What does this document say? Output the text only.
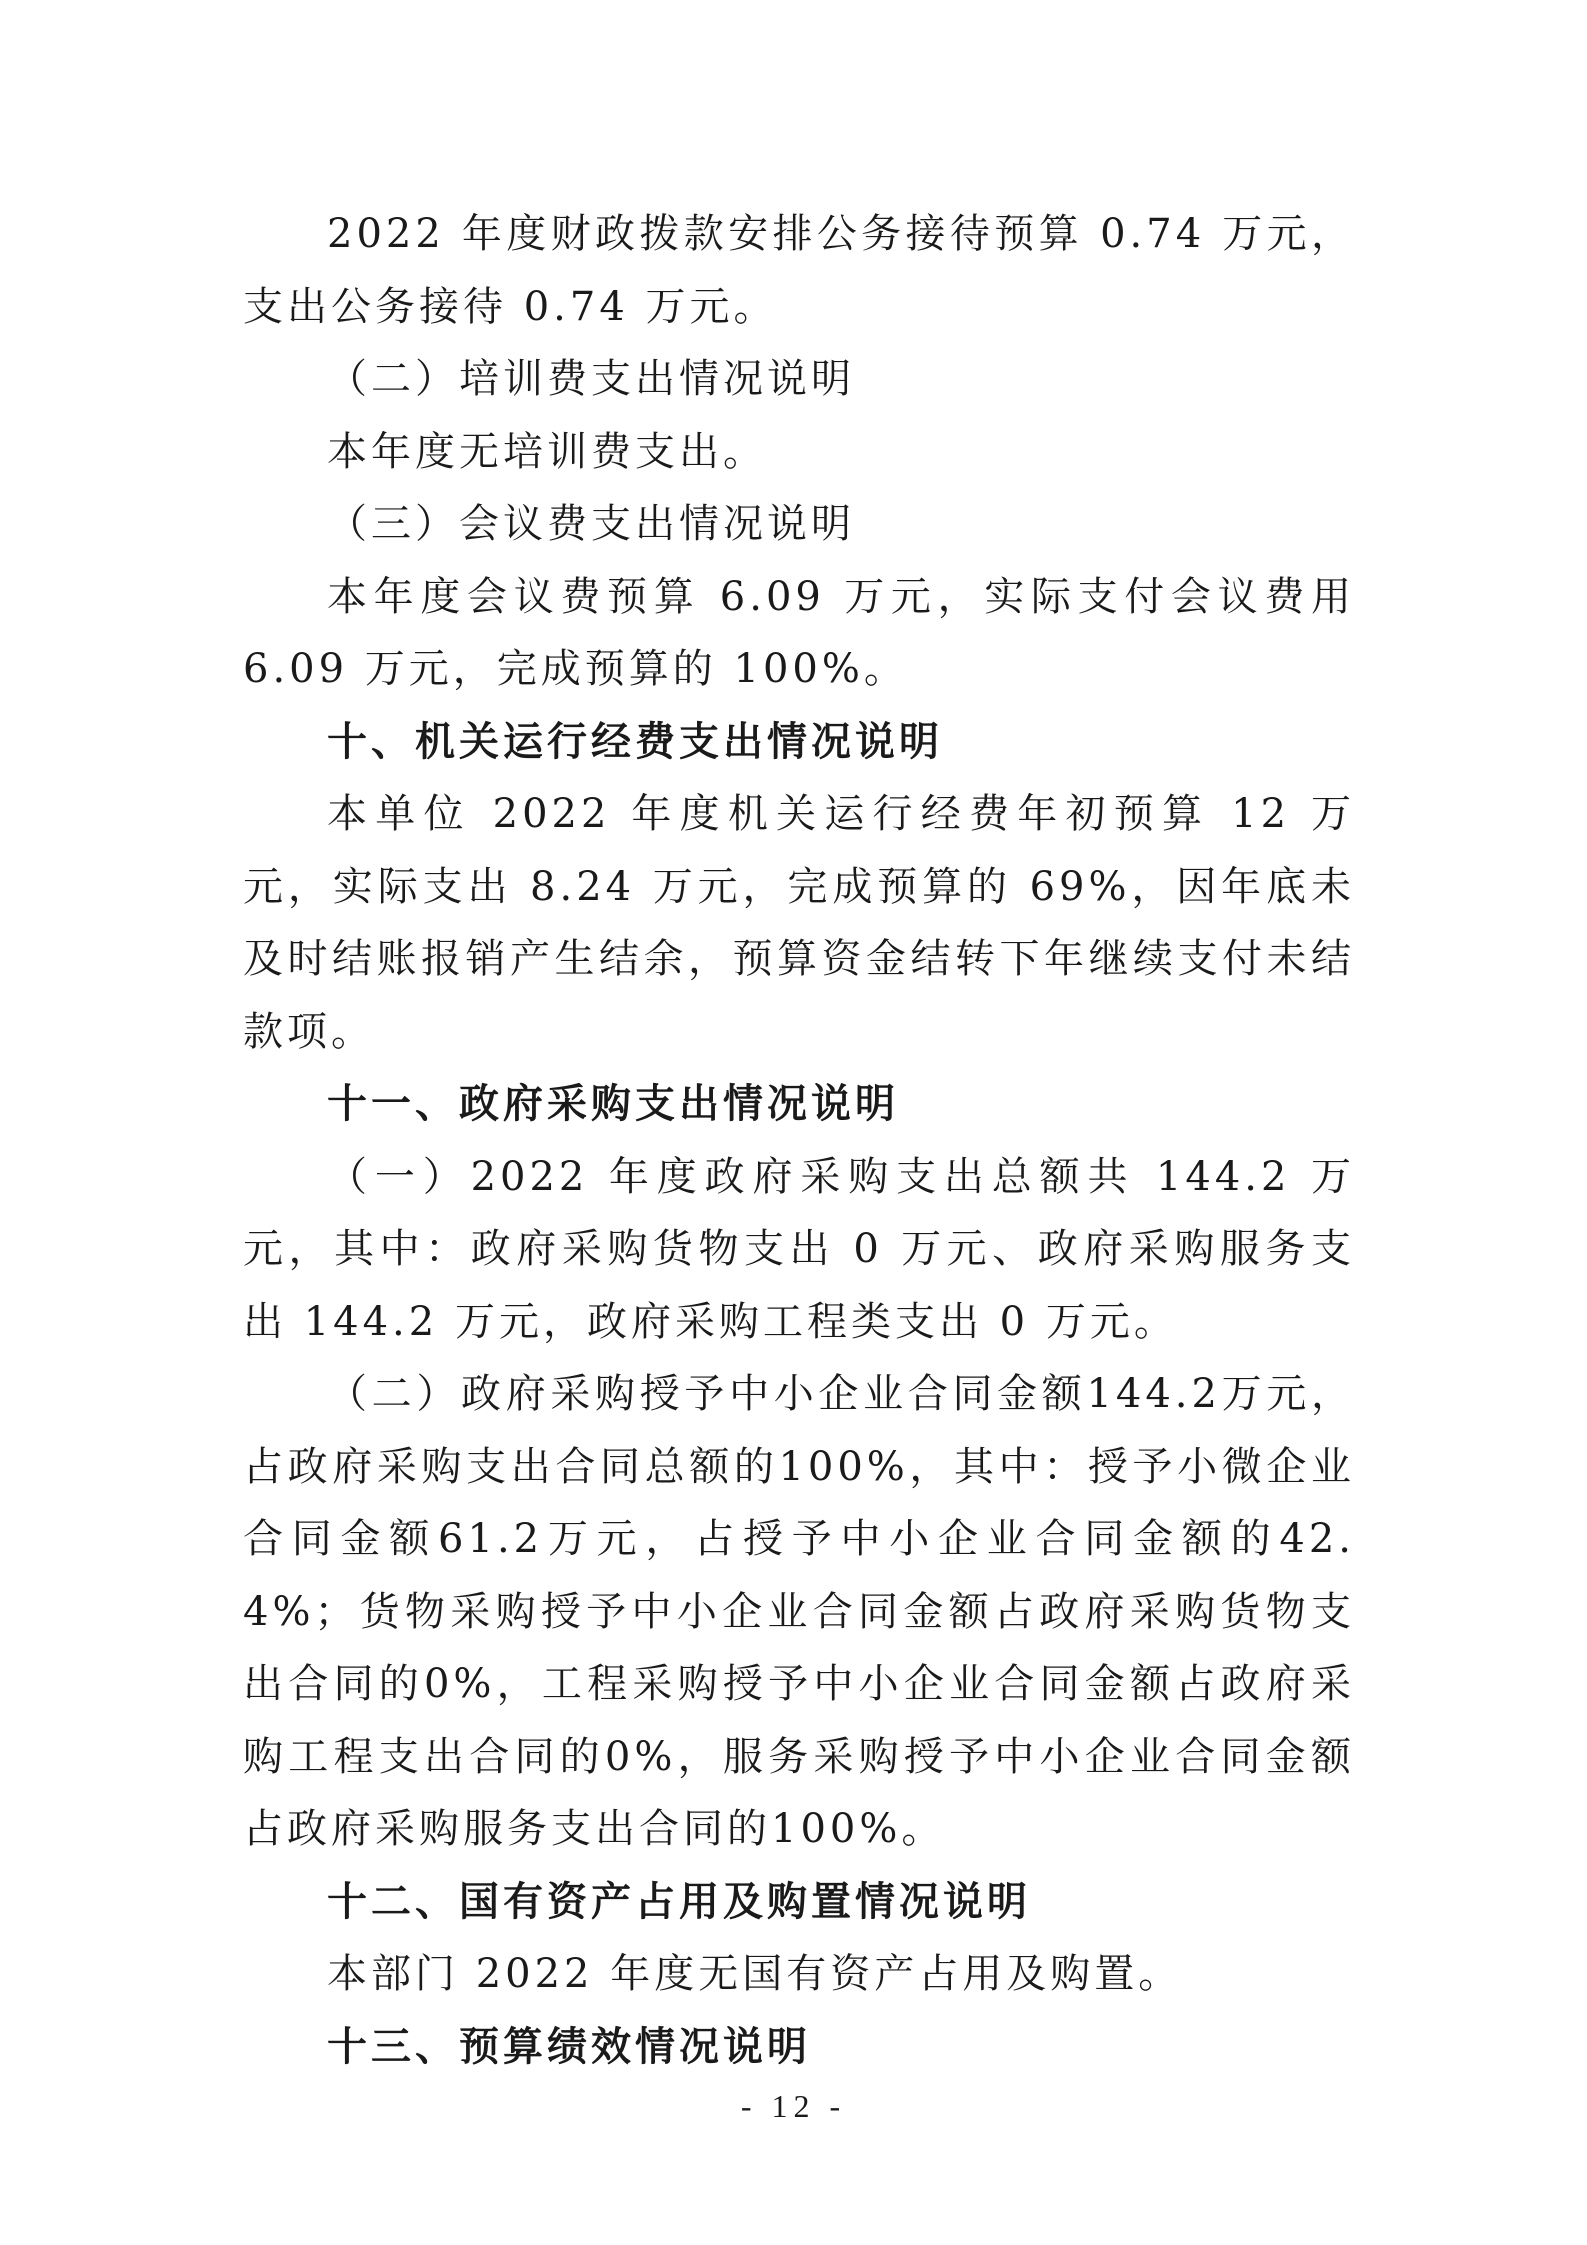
2022 年度财政拨款安排公务接待预算 0.74 万元，支出公务接待 0.74 万元。

（二）培训费支出情况说明

本年度无培训费支出。

（三）会议费支出情况说明

本年度会议费预算 6.09 万元，实际支付会议费用 6.09 万元，完成预算的 100%。

十、机关运行经费支出情况说明

本单位 2022 年度机关运行经费年初预算 12 万元，实际支出 8.24 万元，完成预算的 69%，因年底未及时结账报销产生结余，预算资金结转下年继续支付未结款项。

十一、政府采购支出情况说明

（一）2022 年度政府采购支出总额共 144.2 万元，其中：政府采购货物支出 0 万元、政府采购服务支出 144.2 万元，政府采购工程类支出 0 万元。

（二）政府采购授予中小企业合同金额144.2万元，占政府采购支出合同总额的100%，其中：授予小微企业合同金额61.2万元，占授予中小企业合同金额的42.4%；货物采购授予中小企业合同金额占政府采购货物支出合同的0%，工程采购授予中小企业合同金额占政府采购工程支出合同的0%，服务采购授予中小企业合同金额占政府采购服务支出合同的100%。

十二、国有资产占用及购置情况说明

本部门 2022 年度无国有资产占用及购置。

十三、预算绩效情况说明

- 12 -
